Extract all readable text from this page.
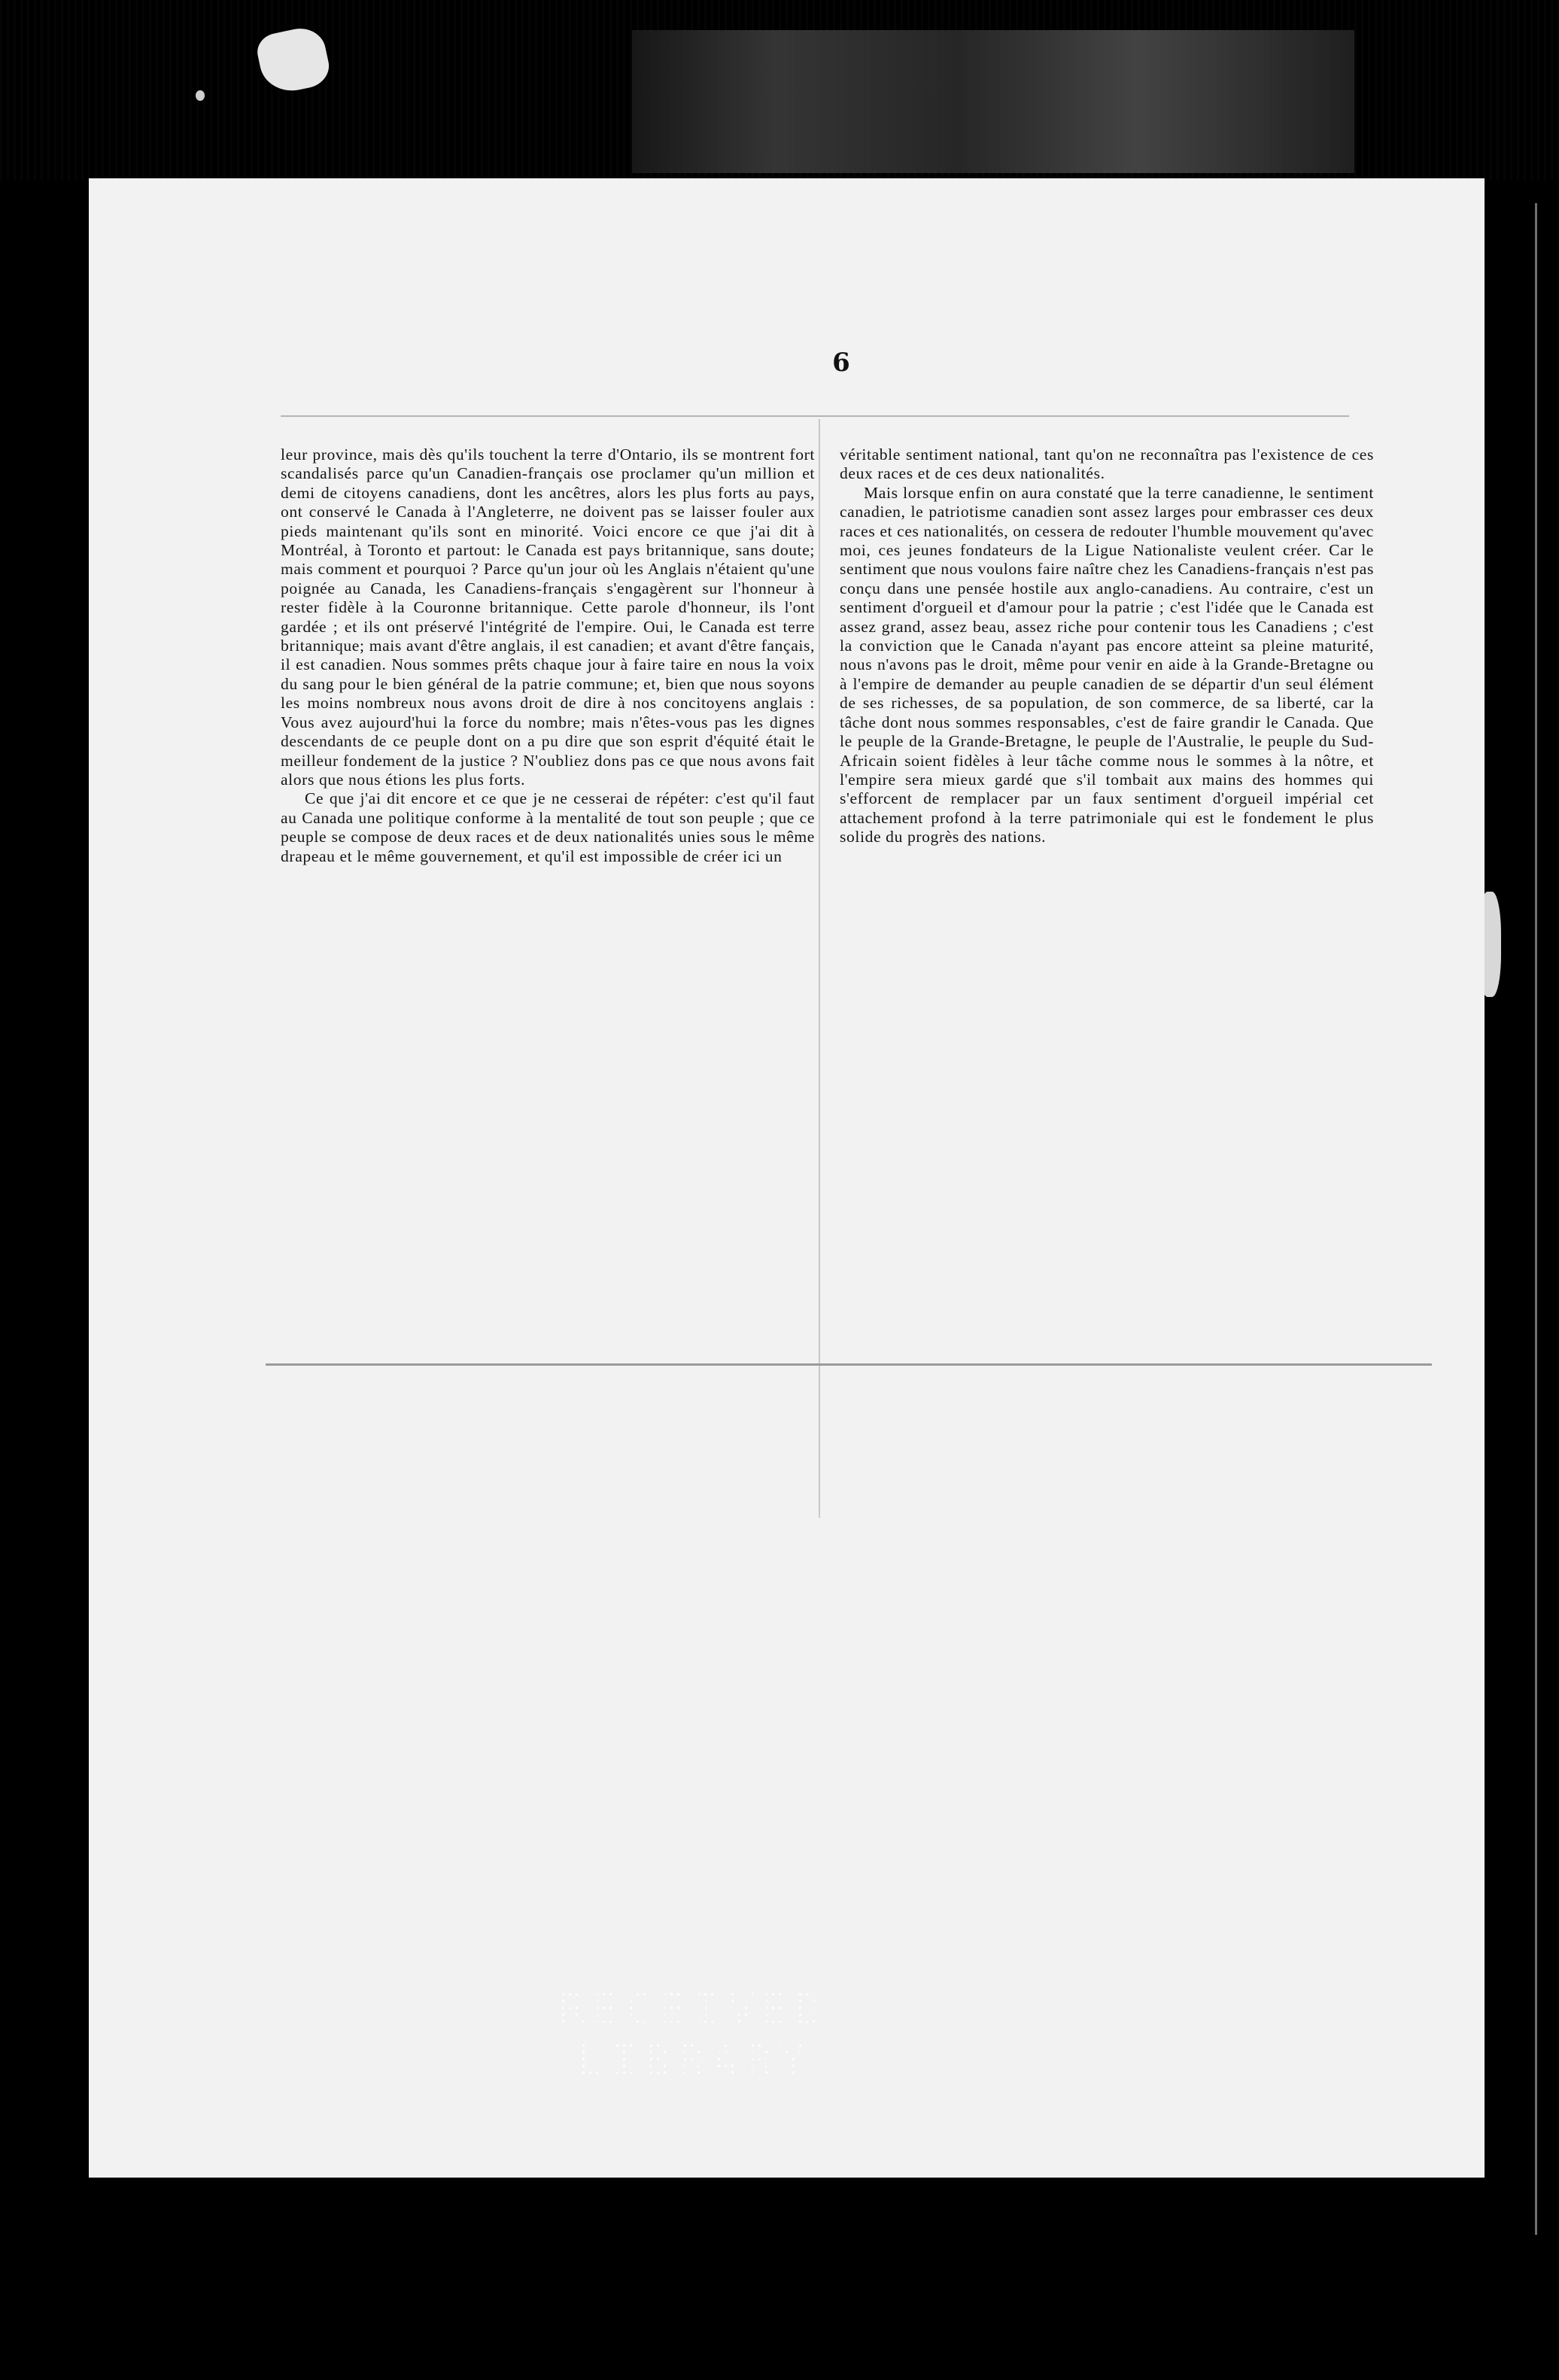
6

leur province, mais dès qu'ils touchent la terre d'Ontario, ils se montrent fort scandalisés parce qu'un Canadien-français ose proclamer qu'un million et demi de citoyens canadiens, dont les ancêtres, alors les plus forts au pays, ont conservé le Canada à l'Angleterre, ne doivent pas se laisser fouler aux pieds maintenant qu'ils sont en minorité. Voici encore ce que j'ai dit à Montréal, à Toronto et partout: le Canada est pays britannique, sans doute; mais comment et pourquoi ? Parce qu'un jour où les Anglais n'étaient qu'une poignée au Canada, les Canadiens-français s'engagèrent sur l'honneur à rester fidèle à la Couronne britannique. Cette parole d'honneur, ils l'ont gardée ; et ils ont préservé l'intégrité de l'empire. Oui, le Canada est terre britannique; mais avant d'être anglais, il est canadien; et avant d'être fançais, il est canadien. Nous sommes prêts chaque jour à faire taire en nous la voix du sang pour le bien général de la patrie commune; et, bien que nous soyons les moins nombreux nous avons droit de dire à nos concitoyens anglais : Vous avez aujourd'hui la force du nombre; mais n'êtes-vous pas les dignes descendants de ce peuple dont on a pu dire que son esprit d'équité était le meilleur fondement de la justice ? N'oubliez dons pas ce que nous avons fait alors que nous étions les plus forts.

Ce que j'ai dit encore et ce que je ne cesserai de répéter: c'est qu'il faut au Canada une politique conforme à la mentalité de tout son peuple ; que ce peuple se compose de deux races et de deux nationalités unies sous le même drapeau et le même gouvernement, et qu'il est impossible de créer ici un

véritable sentiment national, tant qu'on ne reconnaîtra pas l'existence de ces deux races et de ces deux nationalités.

Mais lorsque enfin on aura constaté que la terre canadienne, le sentiment canadien, le patriotisme canadien sont assez larges pour embrasser ces deux races et ces nationalités, on cessera de redouter l'humble mouvement qu'avec moi, ces jeunes fondateurs de la Ligue Nationaliste veulent créer. Car le sentiment que nous voulons faire naître chez les Canadiens-français n'est pas conçu dans une pensée hostile aux anglo-canadiens. Au contraire, c'est un sentiment d'orgueil et d'amour pour la patrie ; c'est l'idée que le Canada est assez grand, assez beau, assez riche pour contenir tous les Canadiens ; c'est la conviction que le Canada n'ayant pas encore atteint sa pleine maturité, nous n'avons pas le droit, même pour venir en aide à la Grande-Bretagne ou à l'empire de demander au peuple canadien de se départir d'un seul élément de ses richesses, de sa population, de son commerce, de sa liberté, car la tâche dont nous sommes responsables, c'est de faire grandir le Canada. Que le peuple de la Grande-Bretagne, le peuple de l'Australie, le peuple du Sud-Africain soient fidèles à leur tâche comme nous le sommes à la nôtre, et l'empire sera mieux gardé que s'il tombait aux mains des hommes qui s'efforcent de remplacer par un faux sentiment d'orgueil impérial cet attachement profond à la terre patrimoniale qui est le fondement le plus solide du progrès des nations.

RECEIVED
LIBRARY
